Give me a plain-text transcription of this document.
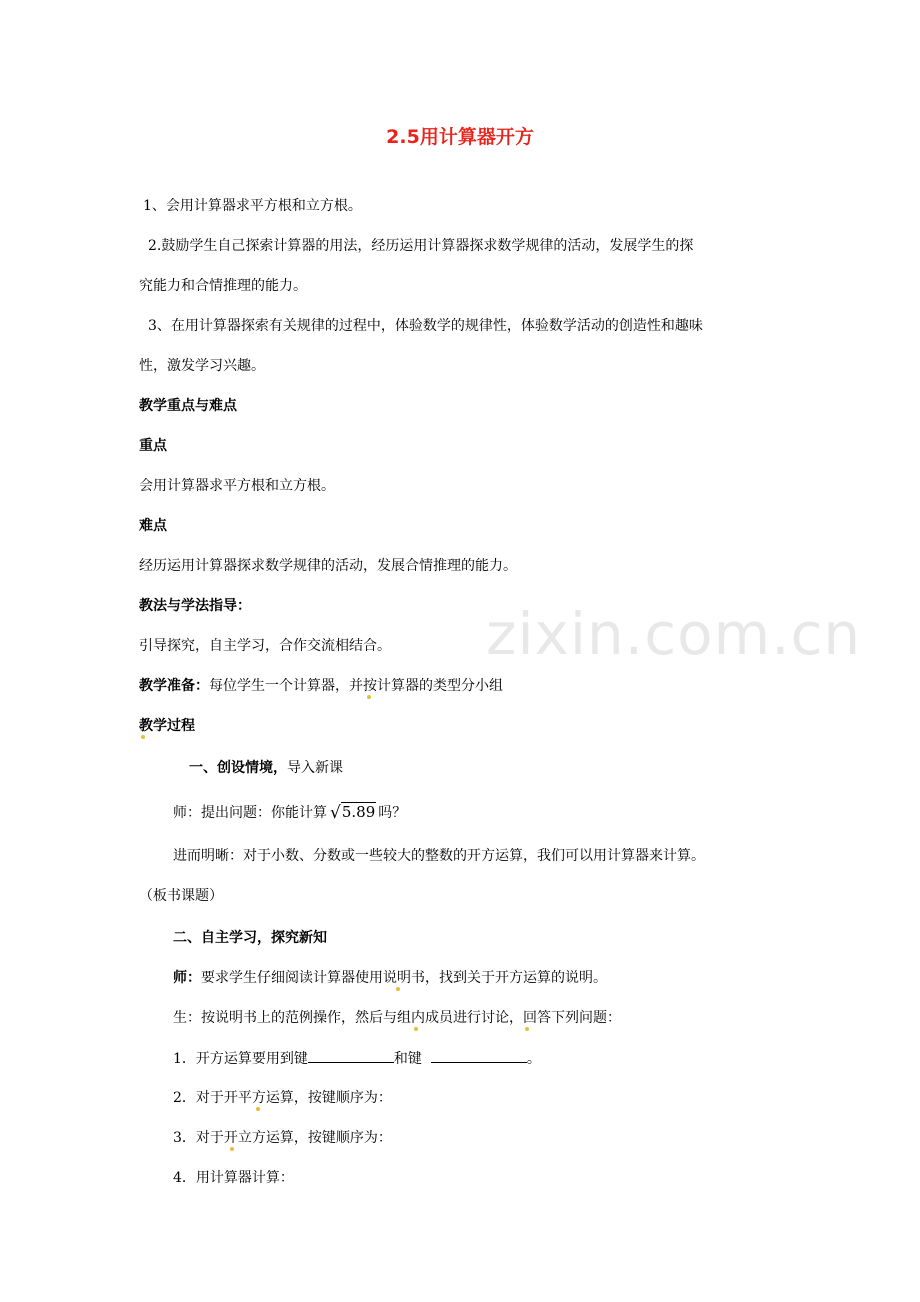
2.5用计算器开方
1、会用计算器求平方根和立方根。
2.鼓励学生自己探索计算器的用法，经历运用计算器探求数学规律的活动，发展学生的探
究能力和合情推理的能力。
3、在用计算器探索有关规律的过程中，体验数学的规律性，体验数学活动的创造性和趣味
性，激发学习兴趣。
教学重点与难点
重点
会用计算器求平方根和立方根。
难点
经历运用计算器探求数学规律的活动，发展合情推理的能力。
教法与学法指导：
引导探究，自主学习，合作交流相结合。
教学准备：每位学生一个计算器，并按计算器的类型分小组
教学过程
一、创设情境，导入新课
师：提出问题：你能计算 √5.89 吗？
进而明晰：对于小数、分数或一些较大的整数的开方运算，我们可以用计算器来计算。
（板书课题）
二、自主学习，探究新知
师：要求学生仔细阅读计算器使用说明书，找到关于开方运算的说明。
生：按说明书上的范例操作，然后与组内成员进行讨论，回答下列问题：
1．开方运算要用到键	和键	。
2．对于开平方运算，按键顺序为：
3．对于开立方运算，按键顺序为：
4．用计算器计算：
zixin.com.cn
